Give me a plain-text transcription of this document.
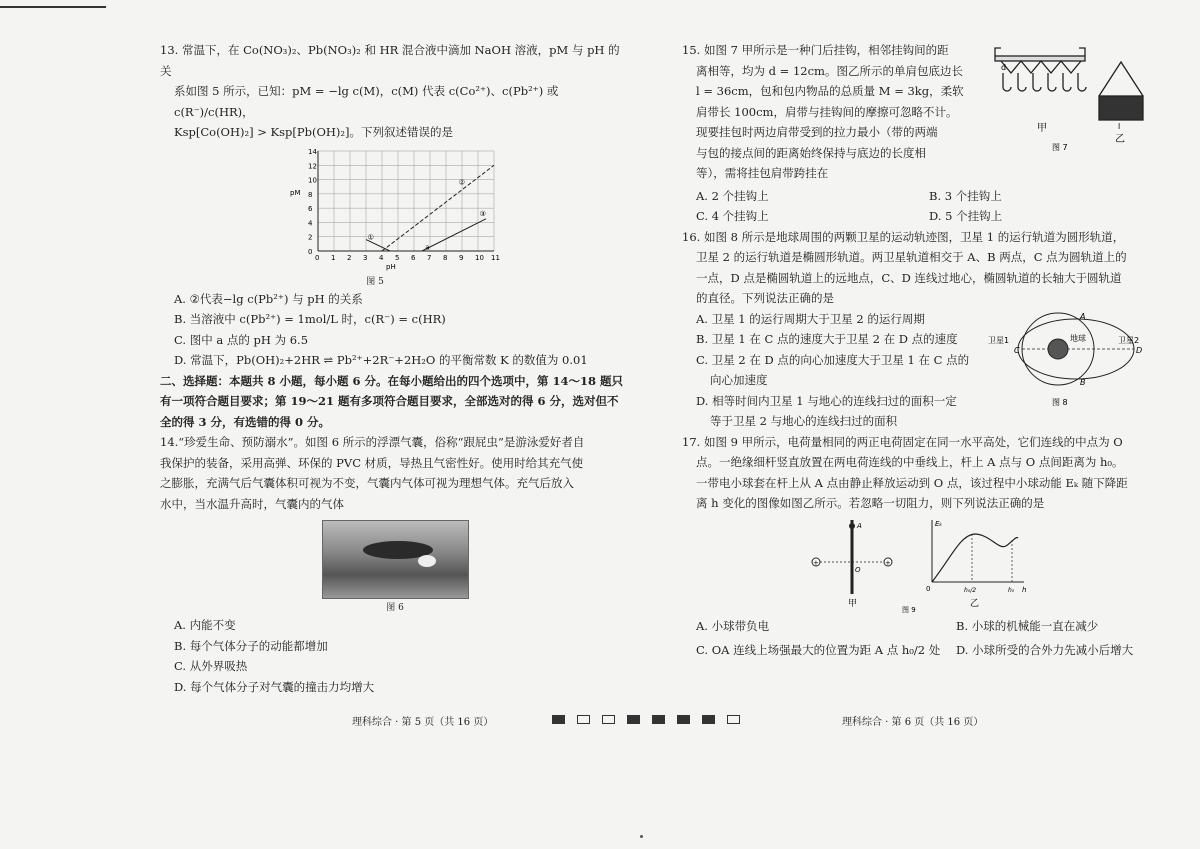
13. 常温下，在 Co(NO₃)₂、Pb(NO₃)₂ 和 HR 混合液中滴加 NaOH 溶液，pM 与 pH 的关

系如图 5 所示，已知：pM = −lg c(M)，c(M) 代表 c(Co²⁺)、c(Pb²⁺) 或 c(R⁻)/c(HR)，

Ksp[Co(OH)₂] > Ksp[Pb(OH)₂]。下列叙述错误的是

0 1 2 3 4 5 6 7 8 9 10 11
0
2
4
6
8
10
12
14
pH
pM
①
②
③
a

图 5

A. ②代表−lg c(Pb²⁺) 与 pH 的关系

B. 当溶液中 c(Pb²⁺) = 1mol/L 时，c(R⁻) = c(HR)

C. 图中 a 点的 pH 为 6.5

D. 常温下，Pb(OH)₂+2HR ⇌ Pb²⁺+2R⁻+2H₂O 的平衡常数 K 的数值为 0.01

二、选择题：本题共 8 小题，每小题 6 分。在每小题给出的四个选项中，第 14～18 题只

有一项符合题目要求；第 19～21 题有多项符合题目要求，全部选对的得 6 分，选对但不

全的得 3 分，有选错的得 0 分。

14.“珍爱生命、预防溺水”。如图 6 所示的浮漂气囊，俗称“跟屁虫”是游泳爱好者自

我保护的装备，采用高弹、环保的 PVC 材质，导热且气密性好。使用时给其充气使

之膨胀，充满气后气囊体积可视为不变，气囊内气体可视为理想气体。充气后放入

水中，当水温升高时，气囊内的气体

图 6

A. 内能不变

B. 每个气体分子的动能都增加

C. 从外界吸热

D. 每个气体分子对气囊的撞击力均增大

15. 如图 7 甲所示是一种门后挂钩，相邻挂钩间的距

离相等，均为 d = 12cm。图乙所示的单肩包底边长

l = 36cm，包和包内物品的总质量 M = 3kg，柔软

肩带长 100cm，肩带与挂钩间的摩擦可忽略不计。

现要挂包时两边肩带受到的拉力最小（带的两端

与包的接点间的距离始终保持与底边的长度相

等），需将挂包肩带跨挂在

d
甲	l
乙
图 7

A. 2 个挂钩上	B. 3 个挂钩上

C. 4 个挂钩上	D. 5 个挂钩上

16. 如图 8 所示是地球周围的两颗卫星的运动轨迹图，卫星 1 的运行轨道为圆形轨道，

卫星 2 的运行轨道是椭圆形轨道。两卫星轨道相交于 A、B 两点，C 点为圆轨道上的

一点，D 点是椭圆轨道上的远地点，C、D 连线过地心，椭圆轨道的长轴大于圆轨道

的直径。下列说法正确的是

A. 卫星 1 的运行周期大于卫星 2 的运行周期

B. 卫星 1 在 C 点的速度大于卫星 2 在 D 点的速度

C. 卫星 2 在 D 点的向心加速度大于卫星 1 在 C 点的

向心加速度

D. 相等时间内卫星 1 与地心的连线扫过的面积一定

等于卫星 2 与地心的连线扫过的面积

地球
卫星1	卫星2
C	D
A
B
图 8

17. 如图 9 甲所示，电荷量相同的两正电荷固定在同一水平高处，它们连线的中点为 O

点。一绝缘细杆竖直放置在两电荷连线的中垂线上，杆上 A 点与 O 点间距离为 h₀。

一带电小球套在杆上从 A 点由静止释放运动到 O 点，该过程中小球动能 Eₖ 随下降距

离 h 变化的图像如图乙所示。若忽略一切阻力，则下列说法正确的是

A
+	+
O
甲
Eₖ
0	h₀/2	h₀ h
乙
图 9

A. 小球带负电	B. 小球的机械能一直在减少

C. OA 连线上场强最大的位置为距 A 点 h₀/2 处	D. 小球所受的合外力先减小后增大

理科综合 · 第 5 页（共 16 页）	理科综合 · 第 6 页（共 16 页）
